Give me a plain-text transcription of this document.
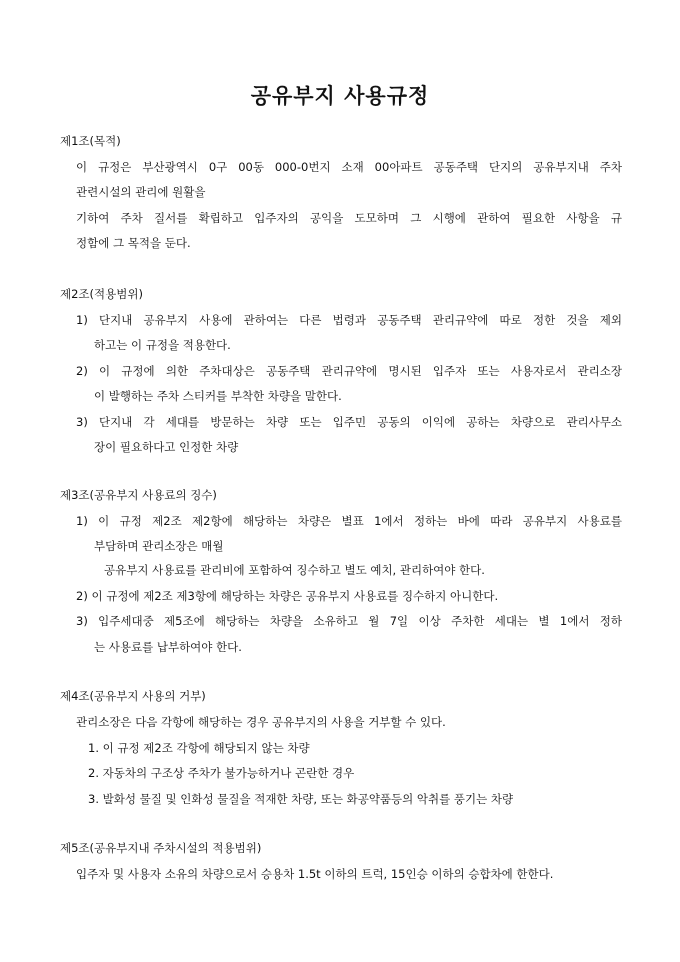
공유부지 사용규정
제1조(목적)
이 규정은 부산광역시 0구 00동 000-0번지 소재 00아파트 공동주택 단지의 공유부지내 주차
관련시설의 관리에 원활을
기하여 주차 질서를 확립하고 입주자의 공익을 도모하며 그 시행에 관하여 필요한 사항을 규
정함에 그 목적을 둔다.
제2조(적용범위)
1) 단지내 공유부지 사용에 관하여는 다른 법령과 공동주택 관리규약에 따로 정한 것을 제외
하고는 이 규정을 적용한다.
2) 이 규정에 의한 주차대상은 공동주택 관리규약에 명시된 입주자 또는 사용자로서 관리소장
이 발행하는 주차 스티커를 부착한 차량을 말한다.
3) 단지내 각 세대를 방문하는 차량 또는 입주민 공동의 이익에 공하는 차량으로 관리사무소
장이 필요하다고 인정한 차량
제3조(공유부지 사용료의 징수)
1) 이 규정 제2조 제2항에 해당하는 차량은 별표 1에서 정하는 바에 따라 공유부지 사용료를
부담하며 관리소장은 매월
공유부지 사용료를 관리비에 포함하여 징수하고 별도 예치, 관리하여야 한다.
2) 이 규정에 제2조 제3항에 해당하는 차량은 공유부지 사용료를 징수하지 아니한다.
3) 입주세대중 제5조에 해당하는 차량을 소유하고 월 7일 이상 주차한 세대는 별 1에서 정하
는 사용료를 납부하여야 한다.
제4조(공유부지 사용의 거부)
관리소장은 다음 각항에 해당하는 경우 공유부지의 사용을 거부할 수 있다.
1. 이 규정 제2조 각항에 해당되지 않는 차량
2. 자동차의 구조상 주차가 불가능하거나 곤란한 경우
3. 발화성 물질 및 인화성 물질을 적재한 차량, 또는 화공약품등의 악취를 풍기는 차량
제5조(공유부지내 주차시설의 적용범위)
입주자 및 사용자 소유의 차량으로서 승용차 1.5t 이하의 트럭, 15인승 이하의 승합차에 한한다.
